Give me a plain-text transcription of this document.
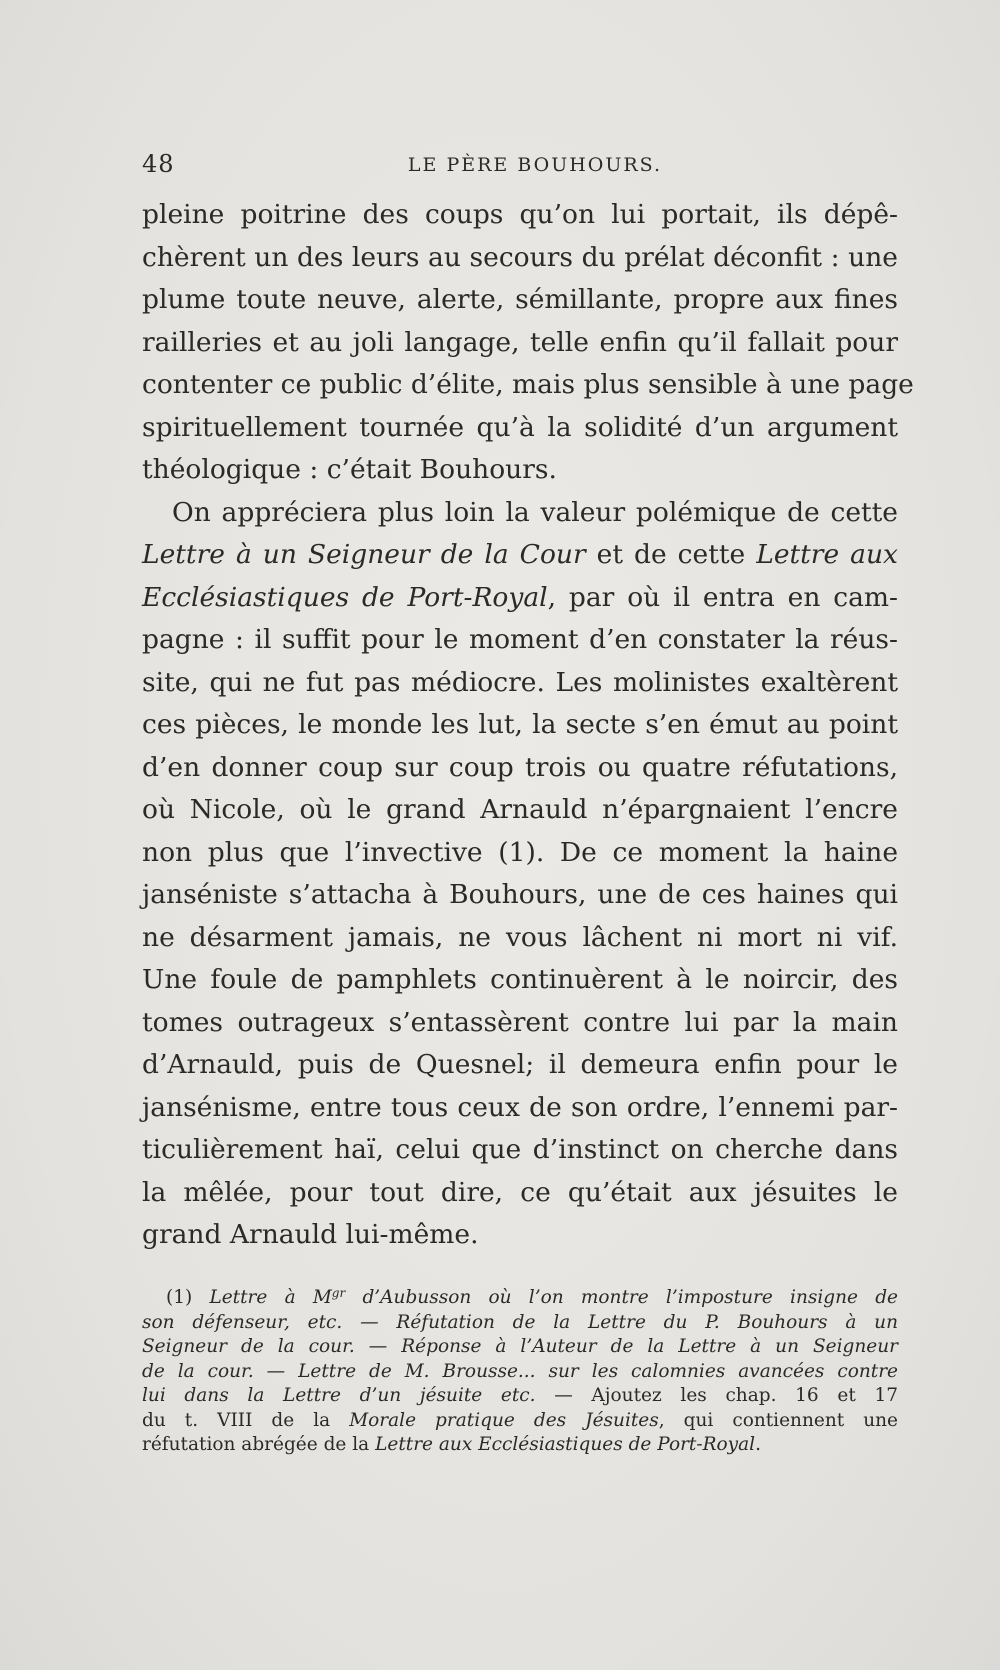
48	LE PÈRE BOUHOURS.
pleine poitrine des coups qu’on lui portait, ils dépê-
chèrent un des leurs au secours du prélat déconfit : une
plume toute neuve, alerte, sémillante, propre aux fines
railleries et au joli langage, telle enfin qu’il fallait pour
contenter ce public d’élite, mais plus sensible à une page
spirituellement tournée qu’à la solidité d’un argument
théologique : c’était Bouhours.
On appréciera plus loin la valeur polémique de cette
Lettre à un Seigneur de la Cour et de cette Lettre aux
Ecclésiastiques de Port-Royal, par où il entra en cam-
pagne : il suffit pour le moment d’en constater la réus-
site, qui ne fut pas médiocre. Les molinistes exaltèrent
ces pièces, le monde les lut, la secte s’en émut au point
d’en donner coup sur coup trois ou quatre réfutations,
où Nicole, où le grand Arnauld n’épargnaient l’encre
non plus que l’invective (1). De ce moment la haine
janséniste s’attacha à Bouhours, une de ces haines qui
ne désarment jamais, ne vous lâchent ni mort ni vif.
Une foule de pamphlets continuèrent à le noircir, des
tomes outrageux s’entassèrent contre lui par la main
d’Arnauld, puis de Quesnel; il demeura enfin pour le
jansénisme, entre tous ceux de son ordre, l’ennemi par-
ticulièrement haï, celui que d’instinct on cherche dans
la mêlée, pour tout dire, ce qu’était aux jésuites le
grand Arnauld lui-même.
(1) Lettre à $M^{gr}$ d’Aubusson où l’on montre l’imposture insigne de
son défenseur, etc. — Réfutation de la Lettre du P. Bouhours à un
Seigneur de la cour. — Réponse à l’Auteur de la Lettre à un Seigneur
de la cour. — Lettre de M. Brousse... sur les calomnies avancées contre
lui dans la Lettre d’un jésuite etc. — Ajoutez les chap. 16 et 17
du t. VIII de la Morale pratique des Jésuites, qui contiennent une
réfutation abrégée de la Lettre aux Ecclésiastiques de Port-Royal.
